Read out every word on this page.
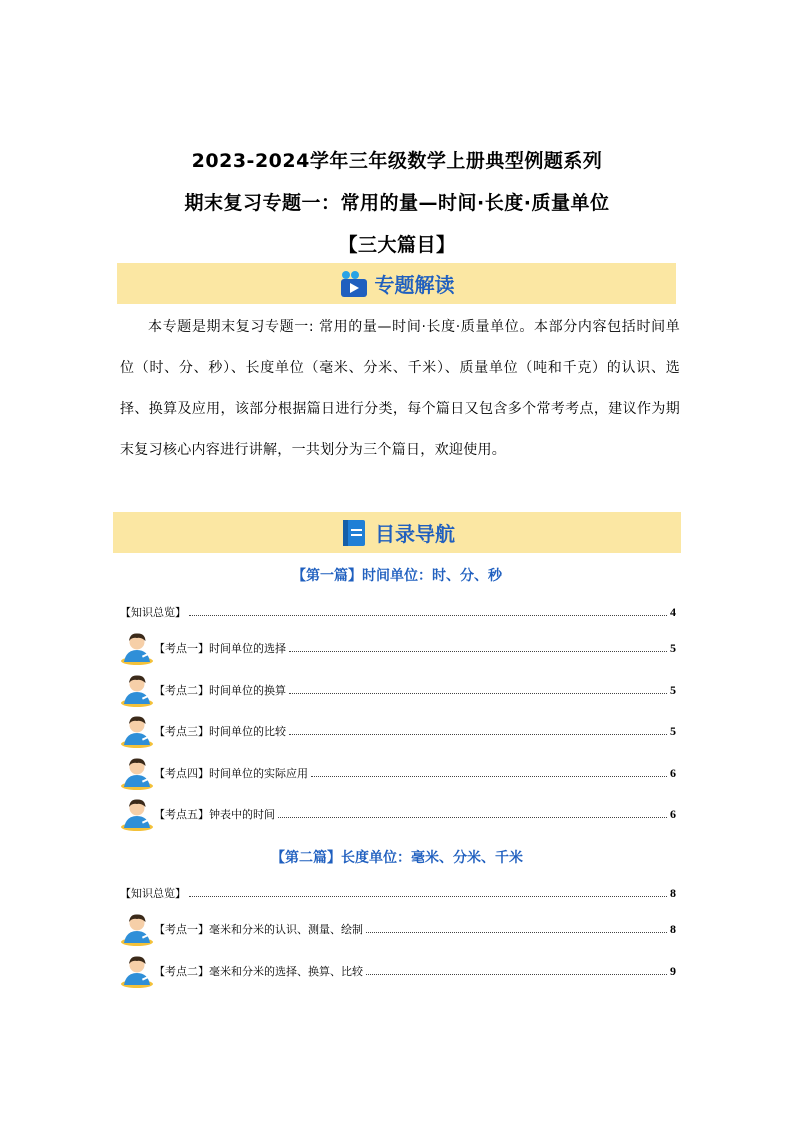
2023-2024学年三年级数学上册典型例题系列
期末复习专题一：常用的量—时间·长度·质量单位
【三大篇目】
专题解读
本专题是期末复习专题一: 常用的量—时间·长度·质量单位。本部分内容包括时间单位（时、分、秒）、长度单位（毫米、分米、千米）、质量单位（吨和千克）的认识、选择、换算及应用，该部分根据篇日进行分类，每个篇日又包含多个常考考点，建议作为期末复习核心内容进行讲解，一共划分为三个篇日，欢迎使用。
目录导航
【第一篇】时间单位：时、分、秒
【知识总览】	4
【考点一】时间单位的选择	5
【考点二】时间单位的换算	5
【考点三】时间单位的比较	5
【考点四】时间单位的实际应用	6
【考点五】钟表中的时间	6
【第二篇】长度单位：毫米、分米、千米
【知识总览】	8
【考点一】毫米和分米的认识、测量、绘制	8
【考点二】毫米和分米的选择、换算、比较	9
